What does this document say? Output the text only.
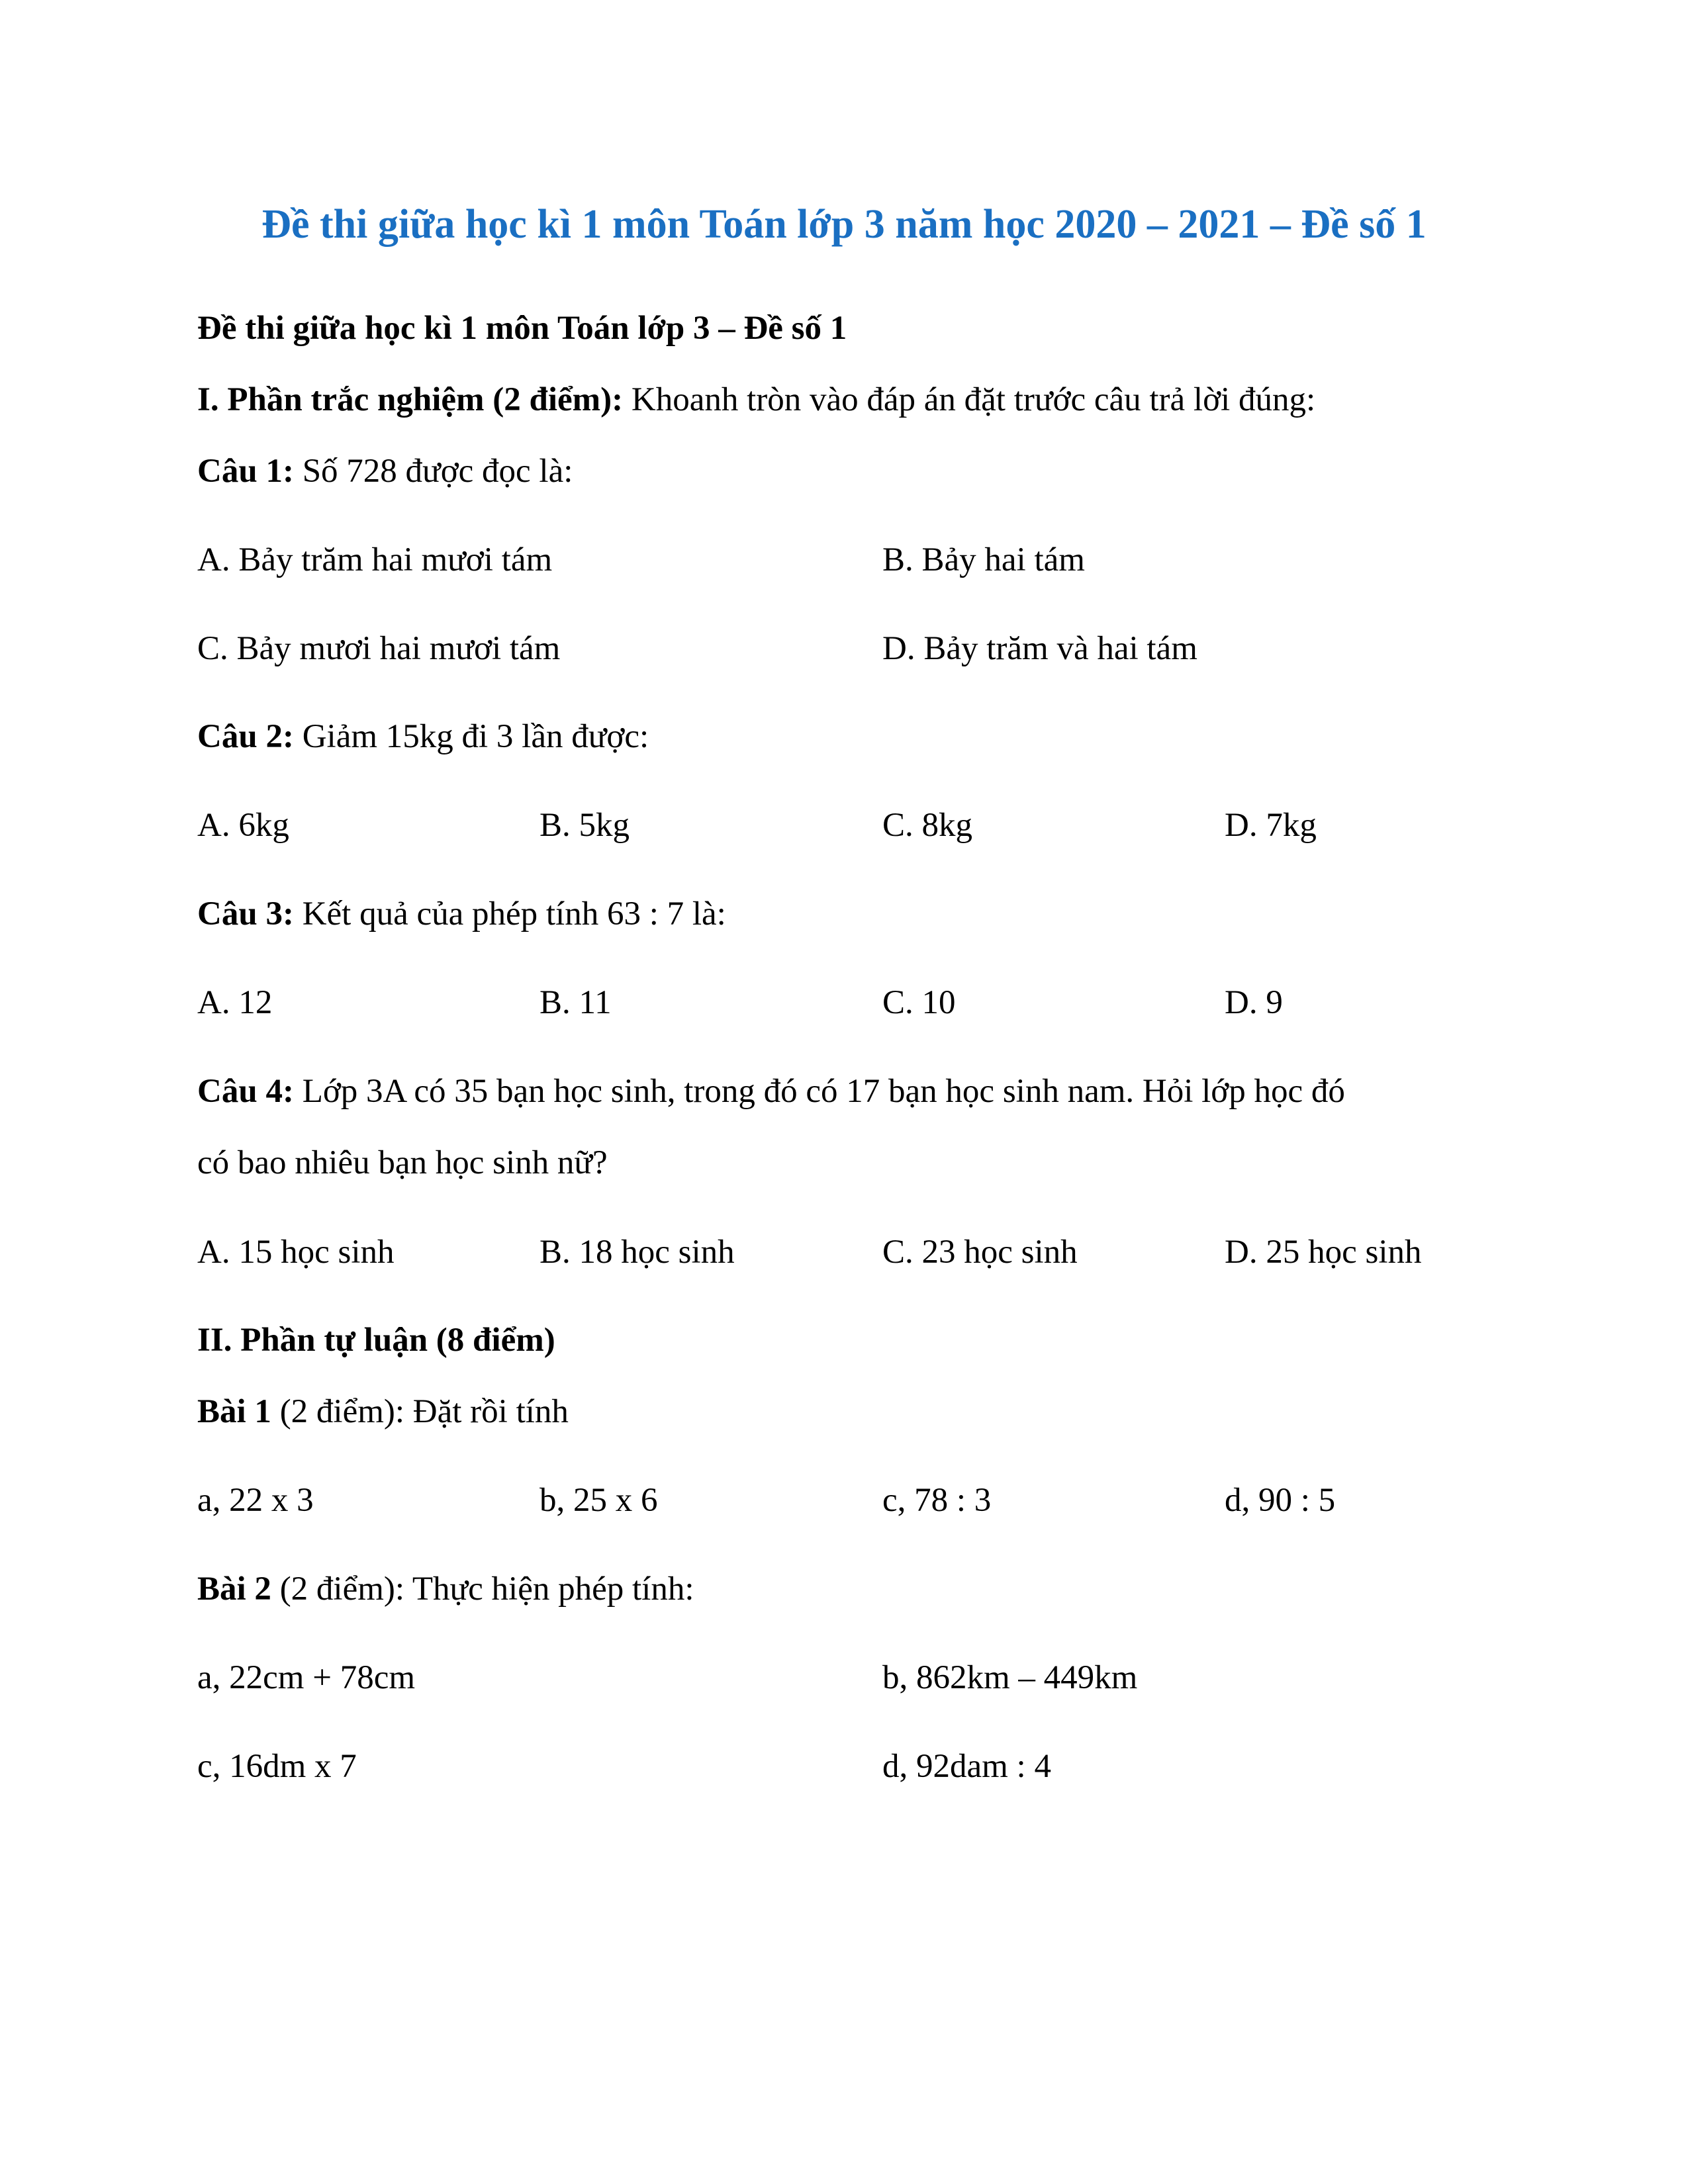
Đề thi giữa học kì 1 môn Toán lớp 3 năm học 2020 – 2021 – Đề số 1
Đề thi giữa học kì 1 môn Toán lớp 3 – Đề số 1
I. Phần trắc nghiệm (2 điểm): Khoanh tròn vào đáp án đặt trước câu trả lời đúng:
Câu 1: Số 728 được đọc là:
A. Bảy trăm hai mươi tám	B. Bảy hai tám
C. Bảy mươi hai mươi tám	D. Bảy trăm và hai tám
Câu 2: Giảm 15kg đi 3 lần được:
A. 6kg	B. 5kg	C. 8kg	D. 7kg
Câu 3: Kết quả của phép tính 63 : 7 là:
A. 12	B. 11	C. 10	D. 9
Câu 4: Lớp 3A có 35 bạn học sinh, trong đó có 17 bạn học sinh nam. Hỏi lớp học đó
có bao nhiêu bạn học sinh nữ?
A. 15 học sinh	B. 18 học sinh	C. 23 học sinh	D. 25 học sinh
II. Phần tự luận (8 điểm)
Bài 1 (2 điểm): Đặt rồi tính
a, 22 x 3	b, 25 x 6	c, 78 : 3	d, 90 : 5
Bài 2 (2 điểm): Thực hiện phép tính:
a, 22cm + 78cm	b, 862km – 449km
c, 16dm x 7	d, 92dam : 4
